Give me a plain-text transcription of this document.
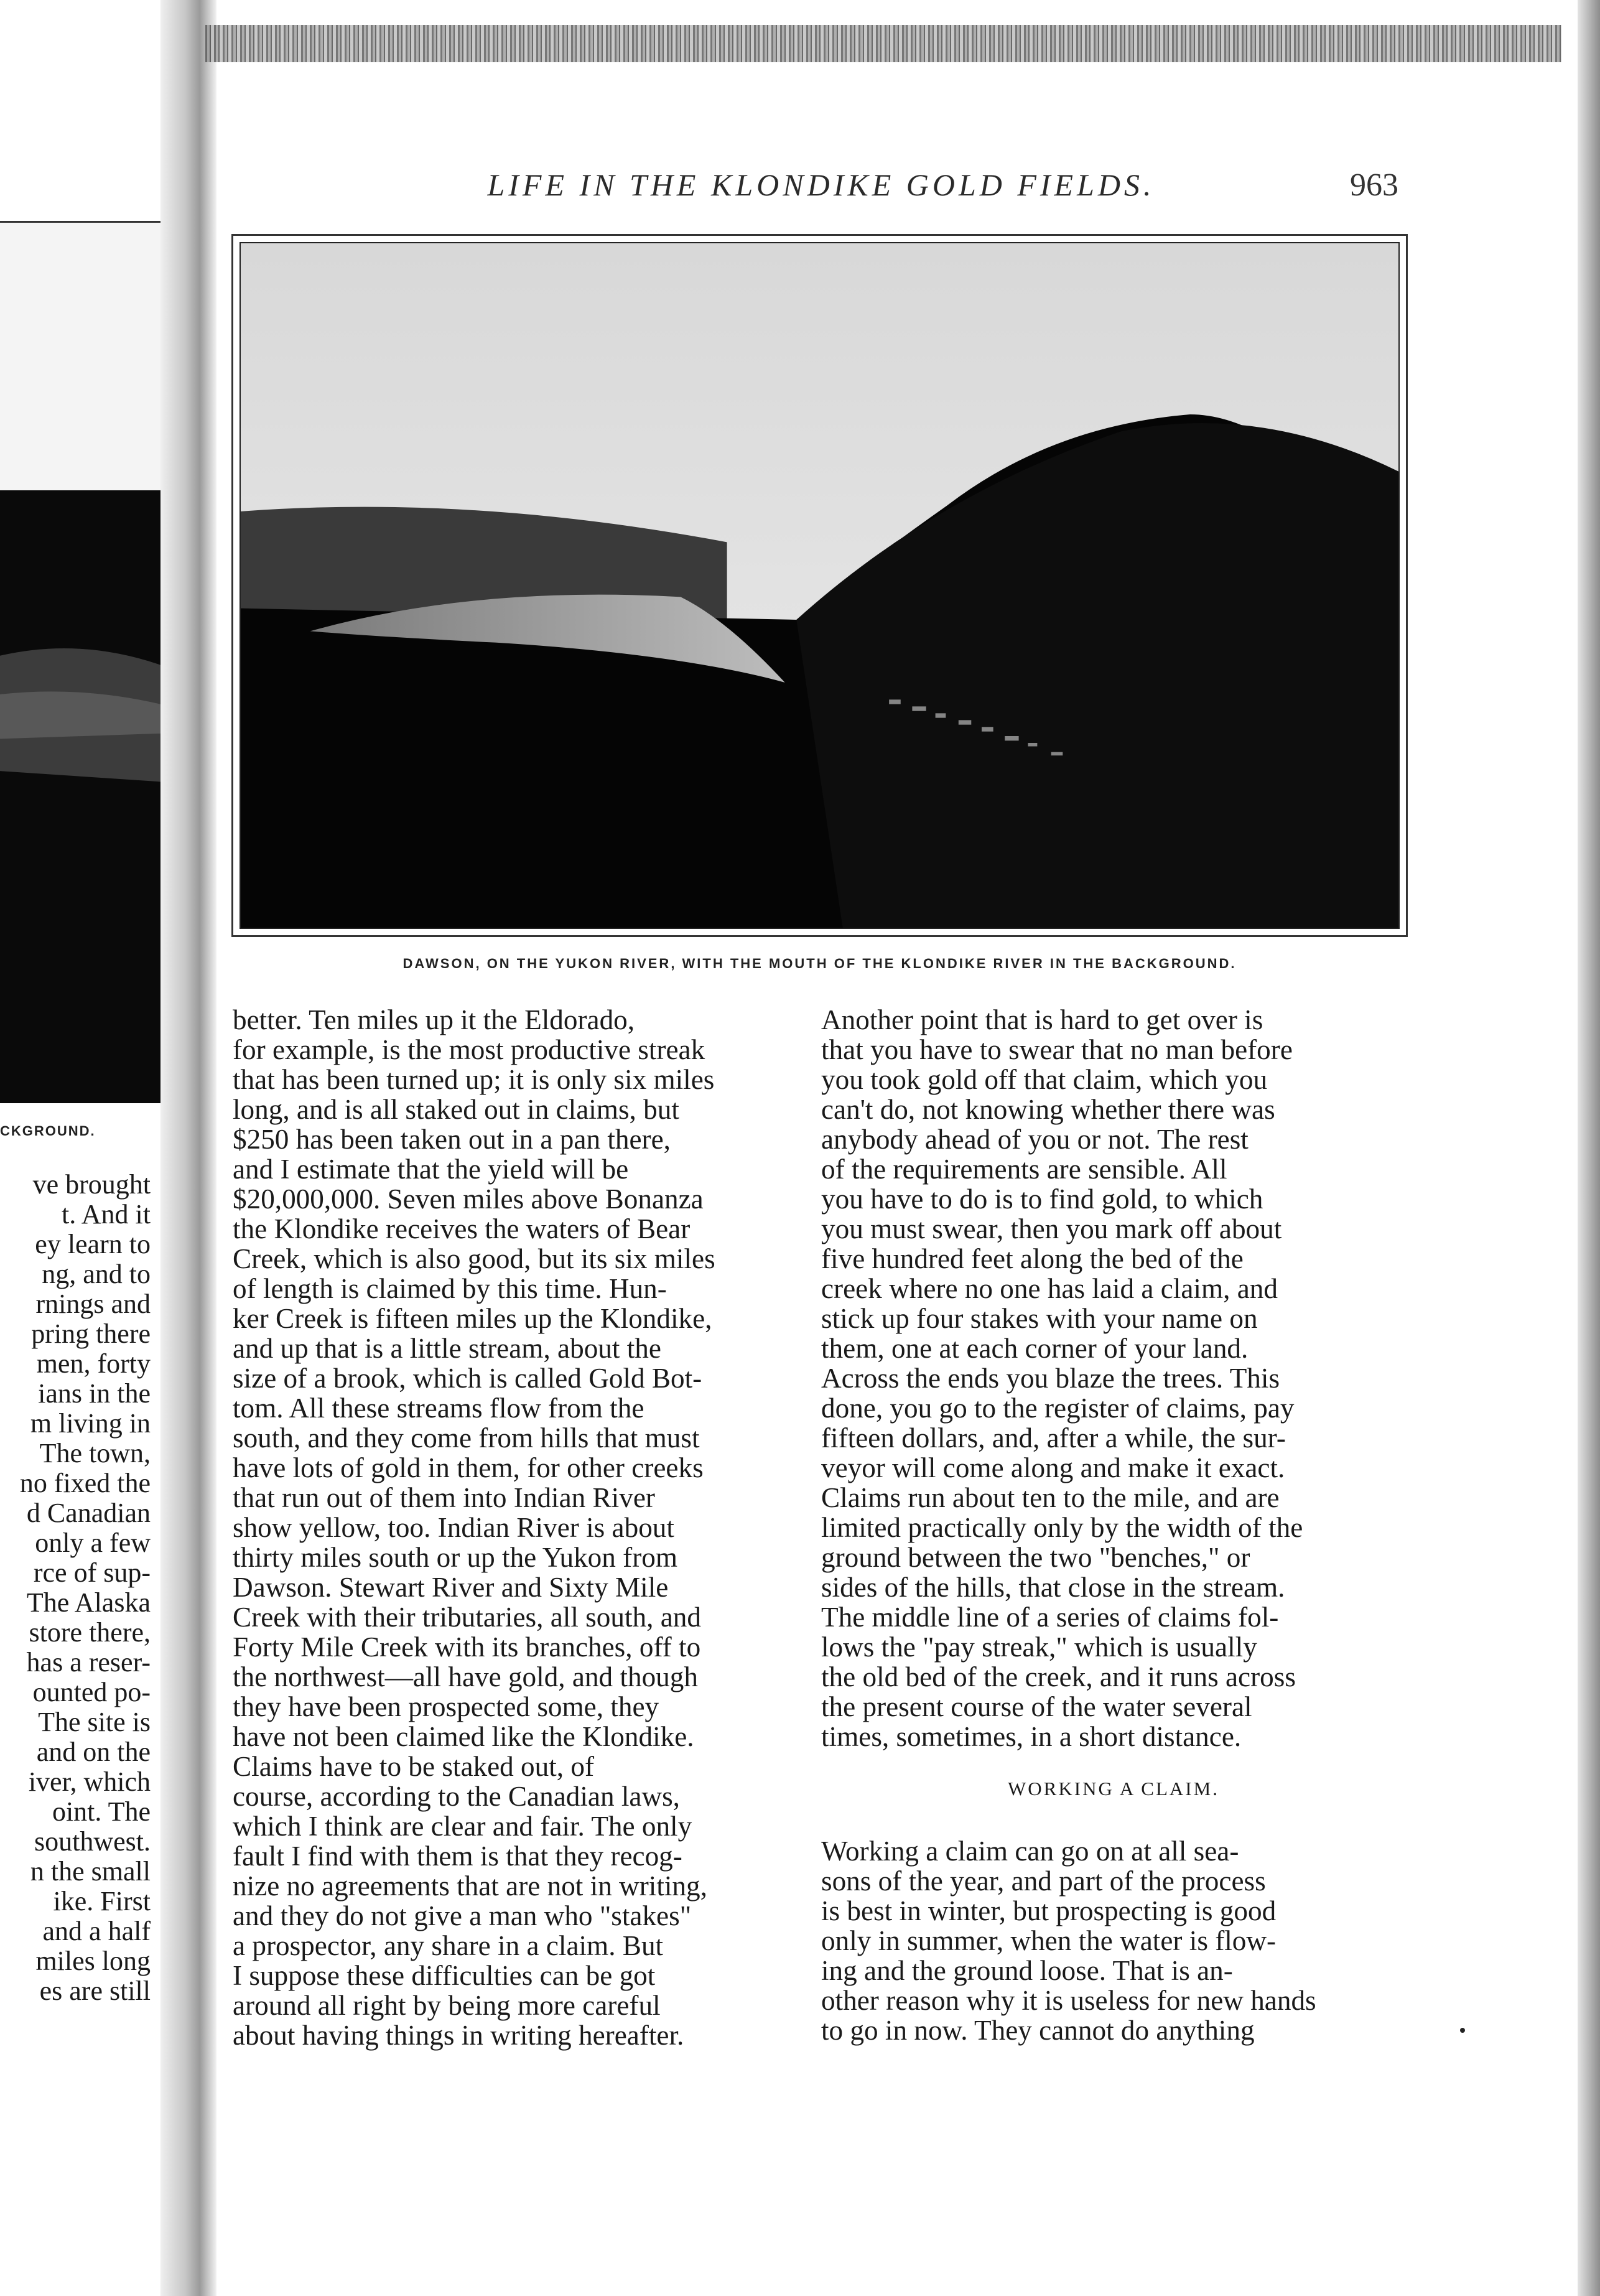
CKGROUND.

ve brought

t. And it

ey learn to

ng, and to

rnings and

pring there

men, forty

ians in the

m living in

The town,

no fixed the

d Canadian

only a few

rce of sup-

The Alaska

store there,

has a reser-

ounted po-

The site is

and on the

iver, which

oint. The

southwest.

n the small

ike. First

and a half

miles long

es are still

LIFE IN THE KLONDIKE GOLD FIELDS.	963
DAWSON, ON THE YUKON RIVER, WITH THE MOUTH OF THE KLONDIKE RIVER IN THE BACKGROUND.

better. Ten miles up it the Eldorado,

for example, is the most productive streak

that has been turned up; it is only six miles

long, and is all staked out in claims, but

$250 has been taken out in a pan there,

and I estimate that the yield will be

$20,000,000. Seven miles above Bonanza

the Klondike receives the waters of Bear

Creek, which is also good, but its six miles

of length is claimed by this time. Hun-

ker Creek is fifteen miles up the Klondike,

and up that is a little stream, about the

size of a brook, which is called Gold Bot-

tom. All these streams flow from the

south, and they come from hills that must

have lots of gold in them, for other creeks

that run out of them into Indian River

show yellow, too. Indian River is about

thirty miles south or up the Yukon from

Dawson. Stewart River and Sixty Mile

Creek with their tributaries, all south, and

Forty Mile Creek with its branches, off to

the northwest—all have gold, and though

they have been prospected some, they

have not been claimed like the Klondike.

Claims have to be staked out, of

course, according to the Canadian laws,

which I think are clear and fair. The only

fault I find with them is that they recog-

nize no agreements that are not in writing,

and they do not give a man who "stakes"

a prospector, any share in a claim. But

I suppose these difficulties can be got

around all right by being more careful

about having things in writing hereafter.

Another point that is hard to get over is

that you have to swear that no man before

you took gold off that claim, which you

can't do, not knowing whether there was

anybody ahead of you or not. The rest

of the requirements are sensible. All

you have to do is to find gold, to which

you must swear, then you mark off about

five hundred feet along the bed of the

creek where no one has laid a claim, and

stick up four stakes with your name on

them, one at each corner of your land.

Across the ends you blaze the trees. This

done, you go to the register of claims, pay

fifteen dollars, and, after a while, the sur-

veyor will come along and make it exact.

Claims run about ten to the mile, and are

limited practically only by the width of the

ground between the two "benches," or

sides of the hills, that close in the stream.

The middle line of a series of claims fol-

lows the "pay streak," which is usually

the old bed of the creek, and it runs across

the present course of the water several

times, sometimes, in a short distance.

WORKING A CLAIM.

Working a claim can go on at all sea-

sons of the year, and part of the process

is best in winter, but prospecting is good

only in summer, when the water is flow-

ing and the ground loose. That is an-

other reason why it is useless for new hands

to go in now. They cannot do anything
